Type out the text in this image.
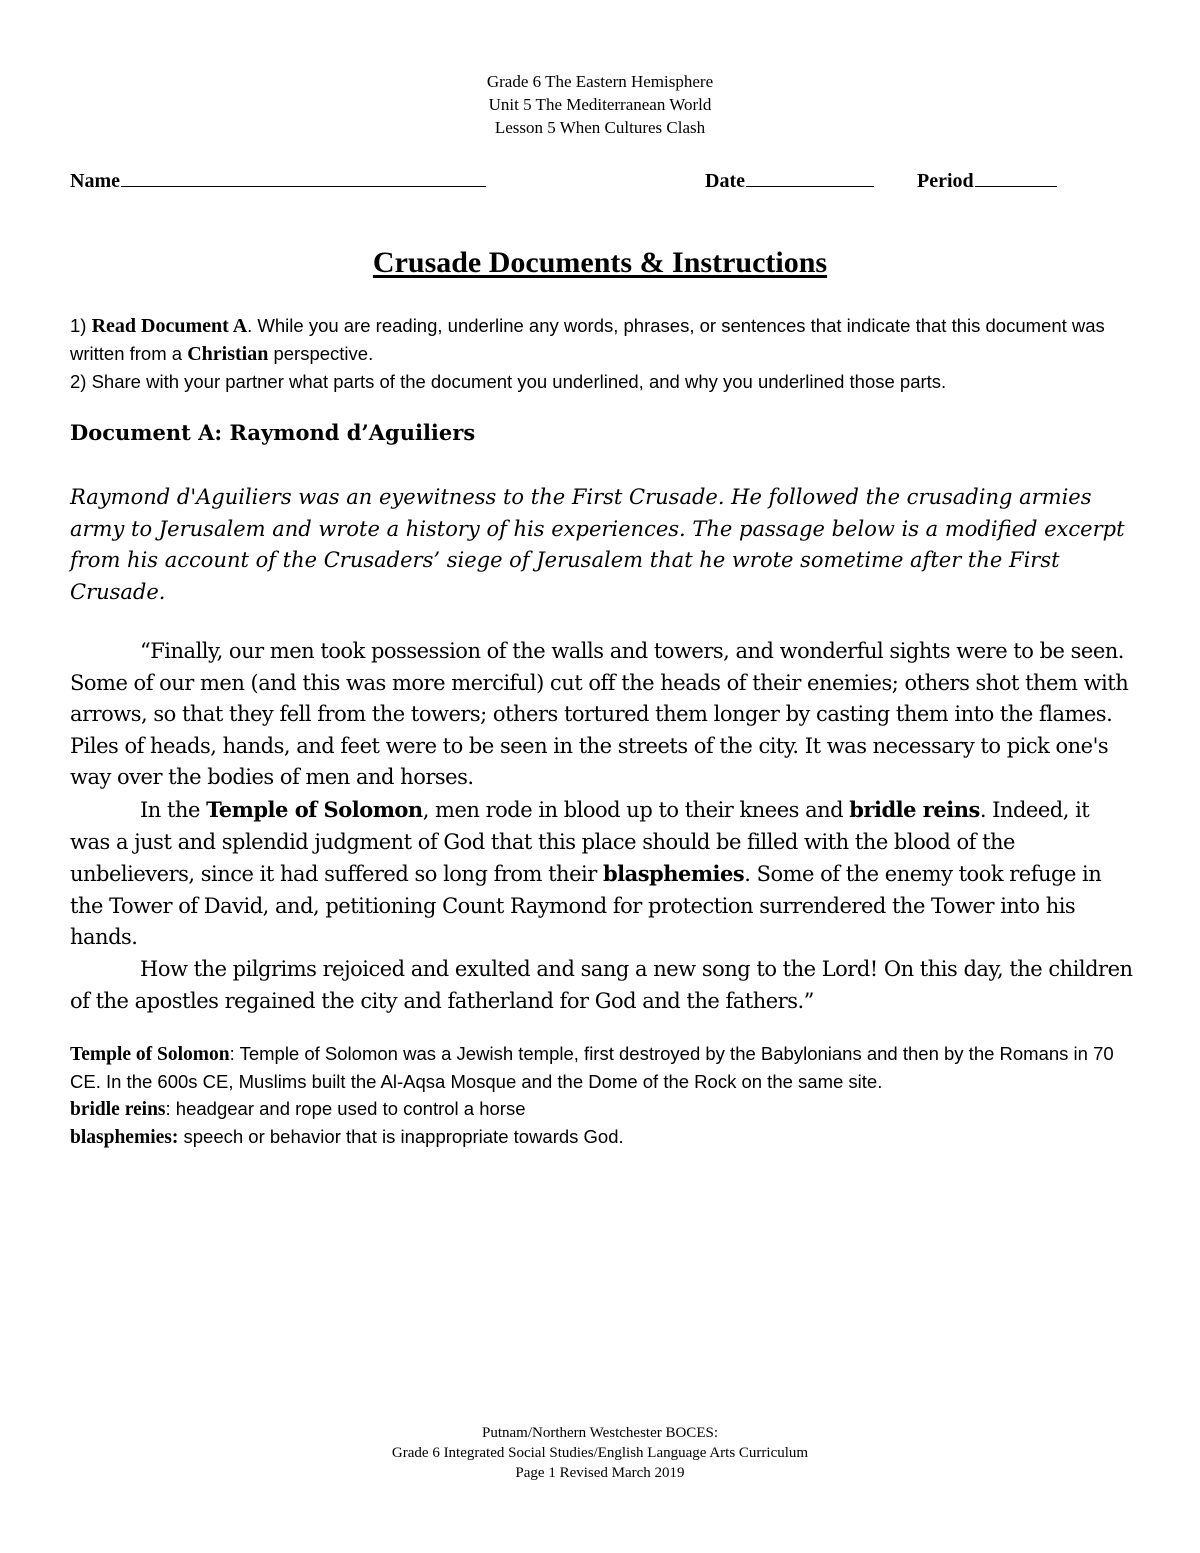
Grade 6 The Eastern Hemisphere
Unit 5 The Mediterranean World
Lesson 5 When Cultures Clash
Name	Date	Period
Crusade Documents & Instructions

1) Read Document A. While you are reading, underline any words, phrases, or sentences that indicate that this document was written from a Christian perspective.

2) Share with your partner what parts of the document you underlined, and why you underlined those parts.

Document A: Raymond d’Aguiliers

Raymond d'Aguiliers was an eyewitness to the First Crusade. He followed the crusading armies army to Jerusalem and wrote a history of his experiences. The passage below is a modified excerpt from his account of the Crusaders’ siege of Jerusalem that he wrote sometime after the First Crusade.

“Finally, our men took possession of the walls and towers, and wonderful sights were to be seen. Some of our men (and this was more merciful) cut off the heads of their enemies; others shot them with arrows, so that they fell from the towers; others tortured them longer by casting them into the flames. Piles of heads, hands, and feet were to be seen in the streets of the city. It was necessary to pick one's way over the bodies of men and horses.

In the Temple of Solomon, men rode in blood up to their knees and bridle reins. Indeed, it was a just and splendid judgment of God that this place should be filled with the blood of the unbelievers, since it had suffered so long from their blasphemies. Some of the enemy took refuge in the Tower of David, and, petitioning Count Raymond for protection surrendered the Tower into his hands.

How the pilgrims rejoiced and exulted and sang a new song to the Lord! On this day, the children of the apostles regained the city and fatherland for God and the fathers.”

Temple of Solomon: Temple of Solomon was a Jewish temple, first destroyed by the Babylonians and then by the Romans in 70 CE. In the 600s CE, Muslims built the Al-Aqsa Mosque and the Dome of the Rock on the same site.

bridle reins: headgear and rope used to control a horse

blasphemies: speech or behavior that is inappropriate towards God.

Putnam/Northern Westchester BOCES:
Grade 6 Integrated Social Studies/English Language Arts Curriculum
Page 1 Revised March 2019
